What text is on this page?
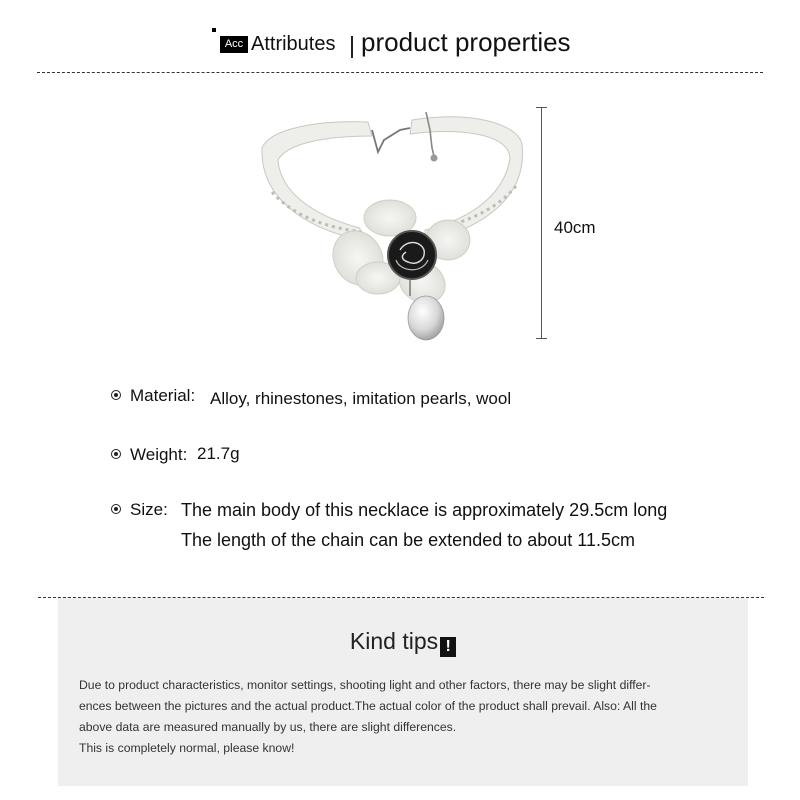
Acc Attributes product properties
40cm
Material: Alloy, rhinestones, imitation pearls, wool
Weight: 21.7g
Size: The main body of this necklace is approximately 29.5cm long
The length of the chain can be extended to about 11.5cm
Kind tips !
Due to product characteristics, monitor settings, shooting light and other factors, there may be slight differ-
ences between the pictures and the actual product.The actual color of the product shall prevail. Also: All the
above data are measured manually by us, there are slight differences.
This is completely normal, please know!
